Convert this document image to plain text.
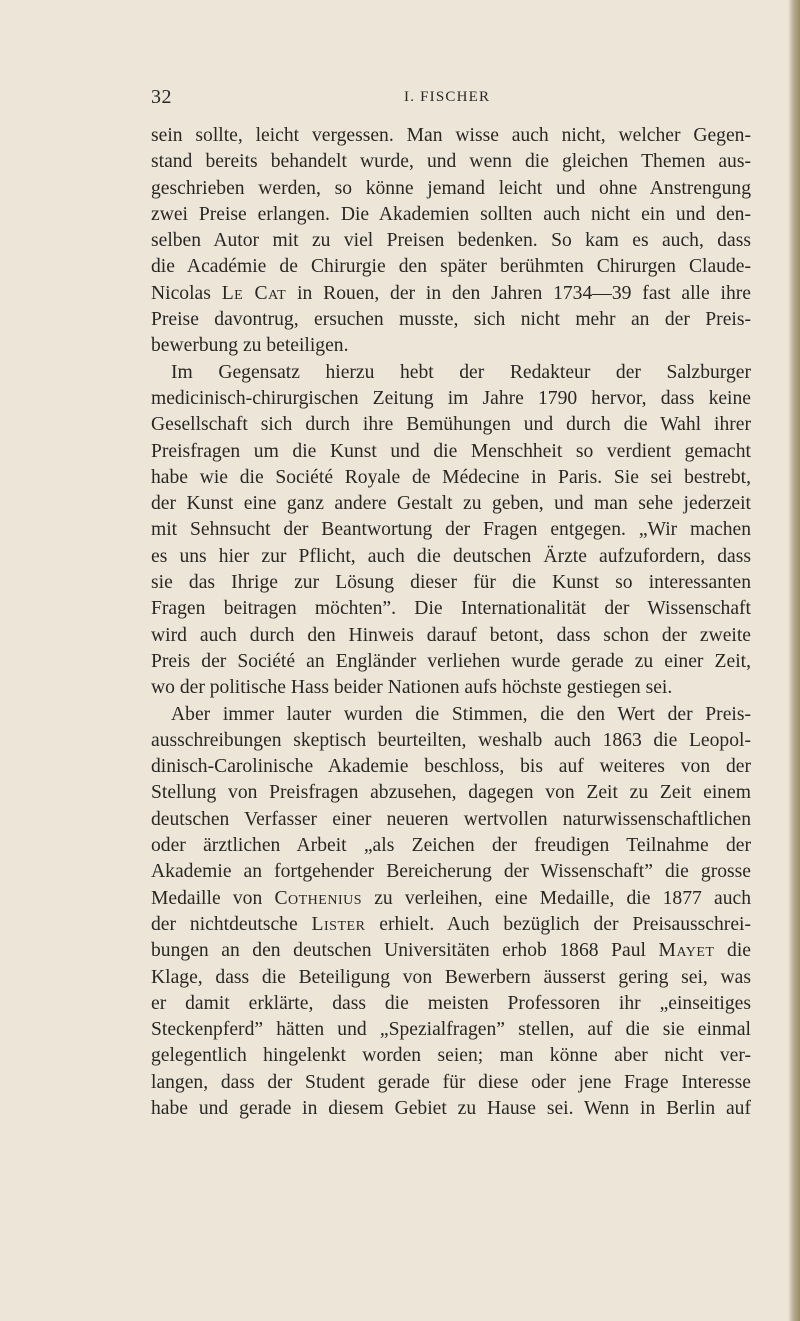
32	I. FISCHER
sein sollte, leicht vergessen. Man wisse auch nicht, welcher Gegen-
stand bereits behandelt wurde, und wenn die gleichen Themen aus-
geschrieben werden, so könne jemand leicht und ohne Anstrengung
zwei Preise erlangen. Die Akademien sollten auch nicht ein und den-
selben Autor mit zu viel Preisen bedenken. So kam es auch, dass
die Académie de Chirurgie den später berühmten Chirurgen Claude-
Nicolas Le Cat in Rouen, der in den Jahren 1734—39 fast alle ihre
Preise davontrug, ersuchen musste, sich nicht mehr an der Preis-
bewerbung zu beteiligen.
Im Gegensatz hierzu hebt der Redakteur der Salzburger
medicinisch-chirurgischen Zeitung im Jahre 1790 hervor, dass keine
Gesellschaft sich durch ihre Bemühungen und durch die Wahl ihrer
Preisfragen um die Kunst und die Menschheit so verdient gemacht
habe wie die Société Royale de Médecine in Paris. Sie sei bestrebt,
der Kunst eine ganz andere Gestalt zu geben, und man sehe jederzeit
mit Sehnsucht der Beantwortung der Fragen entgegen. „Wir machen
es uns hier zur Pflicht, auch die deutschen Ärzte aufzufordern, dass
sie das Ihrige zur Lösung dieser für die Kunst so interessanten
Fragen beitragen möchten”. Die Internationalität der Wissenschaft
wird auch durch den Hinweis darauf betont, dass schon der zweite
Preis der Société an Engländer verliehen wurde gerade zu einer Zeit,
wo der politische Hass beider Nationen aufs höchste gestiegen sei.
Aber immer lauter wurden die Stimmen, die den Wert der Preis-
ausschreibungen skeptisch beurteilten, weshalb auch 1863 die Leopol-
dinisch-Carolinische Akademie beschloss, bis auf weiteres von der
Stellung von Preisfragen abzusehen, dagegen von Zeit zu Zeit einem
deutschen Verfasser einer neueren wertvollen naturwissenschaftlichen
oder ärztlichen Arbeit „als Zeichen der freudigen Teilnahme der
Akademie an fortgehender Bereicherung der Wissenschaft” die grosse
Medaille von Cothenius zu verleihen, eine Medaille, die 1877 auch
der nichtdeutsche Lister erhielt. Auch bezüglich der Preisausschrei-
bungen an den deutschen Universitäten erhob 1868 Paul Mayet die
Klage, dass die Beteiligung von Bewerbern äusserst gering sei, was
er damit erklärte, dass die meisten Professoren ihr „einseitiges
Steckenpferd” hätten und „Spezialfragen” stellen, auf die sie einmal
gelegentlich hingelenkt worden seien; man könne aber nicht ver-
langen, dass der Student gerade für diese oder jene Frage Interesse
habe und gerade in diesem Gebiet zu Hause sei. Wenn in Berlin auf
